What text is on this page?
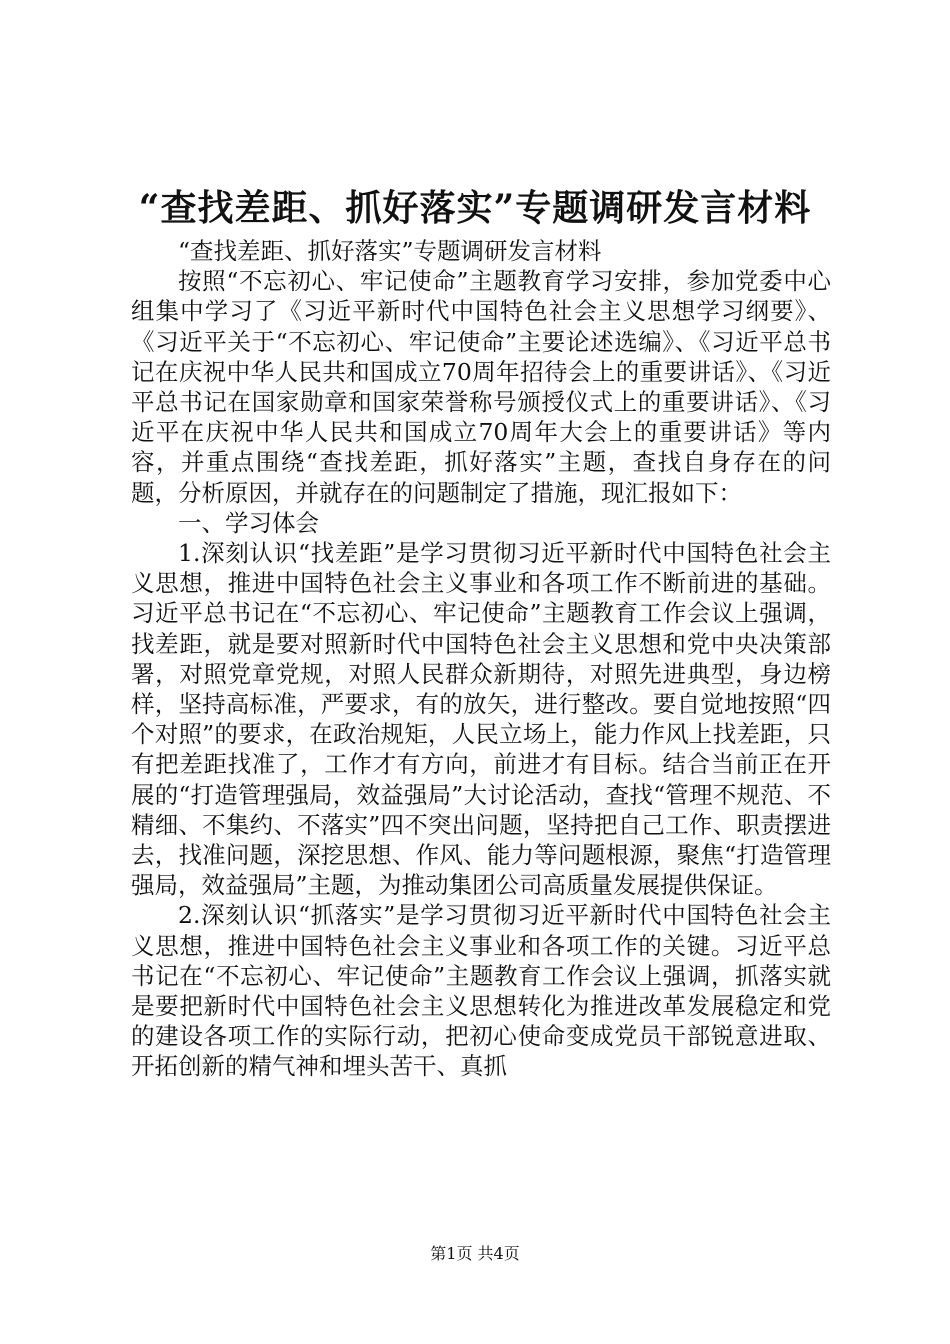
“查找差距、抓好落实”专题调研发言材料

“查找差距、抓好落实”专题调研发言材料

按照“不忘初心、牢记使命”主题教育学习安排，参加党委中心组集中学习了《习近平新时代中国特色社会主义思想学习纲要》、《习近平关于“不忘初心、牢记使命”主要论述选编》、《习近平总书记在庆祝中华人民共和国成立70周年招待会上的重要讲话》、《习近平总书记在国家勋章和国家荣誉称号颁授仪式上的重要讲话》、《习近平在庆祝中华人民共和国成立70周年大会上的重要讲话》等内容，并重点围绕“查找差距，抓好落实”主题，查找自身存在的问题，分析原因，并就存在的问题制定了措施，现汇报如下：

一、学习体会

1.深刻认识“找差距”是学习贯彻习近平新时代中国特色社会主义思想，推进中国特色社会主义事业和各项工作不断前进的基础。习近平总书记在“不忘初心、牢记使命”主题教育工作会议上强调，找差距，就是要对照新时代中国特色社会主义思想和党中央决策部署，对照党章党规，对照人民群众新期待，对照先进典型，身边榜样，坚持高标准，严要求，有的放矢，进行整改。要自觉地按照“四个对照”的要求，在政治规矩，人民立场上，能力作风上找差距，只有把差距找准了，工作才有方向，前进才有目标。结合当前正在开展的“打造管理强局，效益强局”大讨论活动，查找“管理不规范、不精细、不集约、不落实”四不突出问题，坚持把自己工作、职责摆进去，找准问题，深挖思想、作风、能力等问题根源，聚焦“打造管理强局，效益强局”主题，为推动集团公司高质量发展提供保证。

2.深刻认识“抓落实”是学习贯彻习近平新时代中国特色社会主义思想，推进中国特色社会主义事业和各项工作的关键。习近平总书记在“不忘初心、牢记使命”主题教育工作会议上强调，抓落实就是要把新时代中国特色社会主义思想转化为推进改革发展稳定和党的建设各项工作的实际行动，把初心使命变成党员干部锐意进取、开拓创新的精气神和埋头苦干、真抓

第1页 共4页
